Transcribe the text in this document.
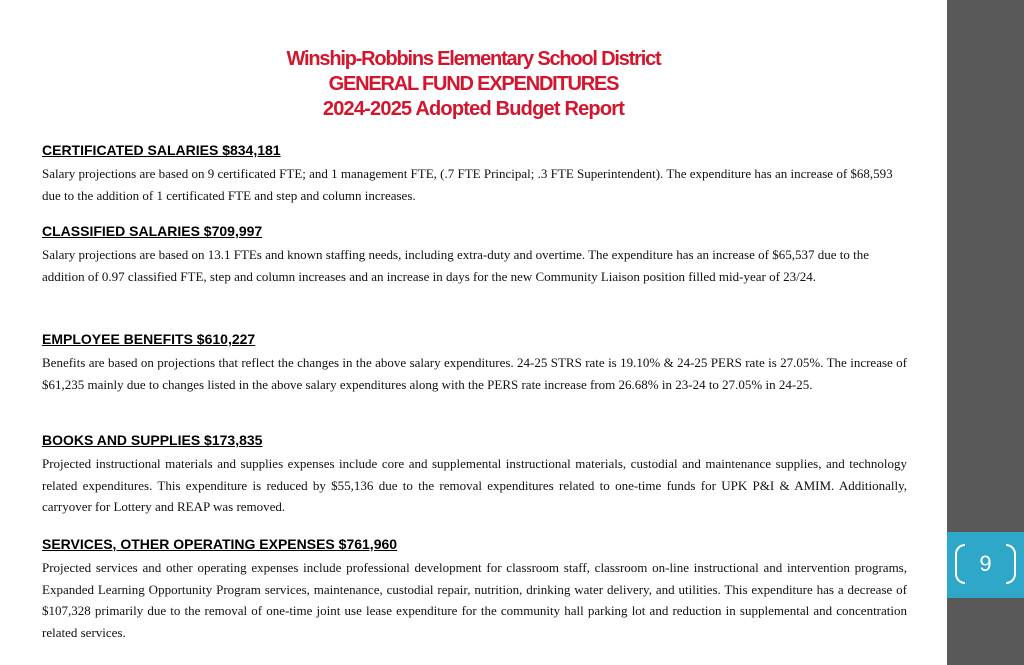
9
Winship-Robbins Elementary School District
GENERAL FUND EXPENDITURES
2024-2025 Adopted Budget Report
CERTIFICATED SALARIES $834,181

Salary projections are based on 9 certificated FTE; and 1 management FTE, (.7 FTE Principal; .3 FTE Superintendent). The expenditure has an increase of $68,593 due to the addition of 1 certificated FTE and step and column increases.

CLASSIFIED SALARIES $709,997

Salary projections are based on 13.1 FTEs and known staffing needs, including extra-duty and overtime. The expenditure has an increase of $65,537 due to the addition of 0.97 classified FTE, step and column increases and an increase in days for the new Community Liaison position filled mid-year of 23/24.

EMPLOYEE BENEFITS $610,227

Benefits are based on projections that reflect the changes in the above salary expenditures. 24-25 STRS rate is 19.10% & 24-25 PERS rate is 27.05%. The increase of $61,235 mainly due to changes listed in the above salary expenditures along with the PERS rate increase from 26.68% in 23-24 to 27.05% in 24-25.

BOOKS AND SUPPLIES $173,835

Projected instructional materials and supplies expenses include core and supplemental instructional materials, custodial and maintenance supplies, and technology related expenditures. This expenditure is reduced by $55,136 due to the removal expenditures related to one-time funds for UPK P&I & AMIM. Additionally, carryover for Lottery and REAP was removed.

SERVICES, OTHER OPERATING EXPENSES $761,960

Projected services and other operating expenses include professional development for classroom staff, classroom on-line instructional and intervention programs, Expanded Learning Opportunity Program services, maintenance, custodial repair, nutrition, drinking water delivery, and utilities. This expenditure has a decrease of $107,328 primarily due to the removal of one-time joint use lease expenditure for the community hall parking lot and reduction in supplemental and concentration related services.
